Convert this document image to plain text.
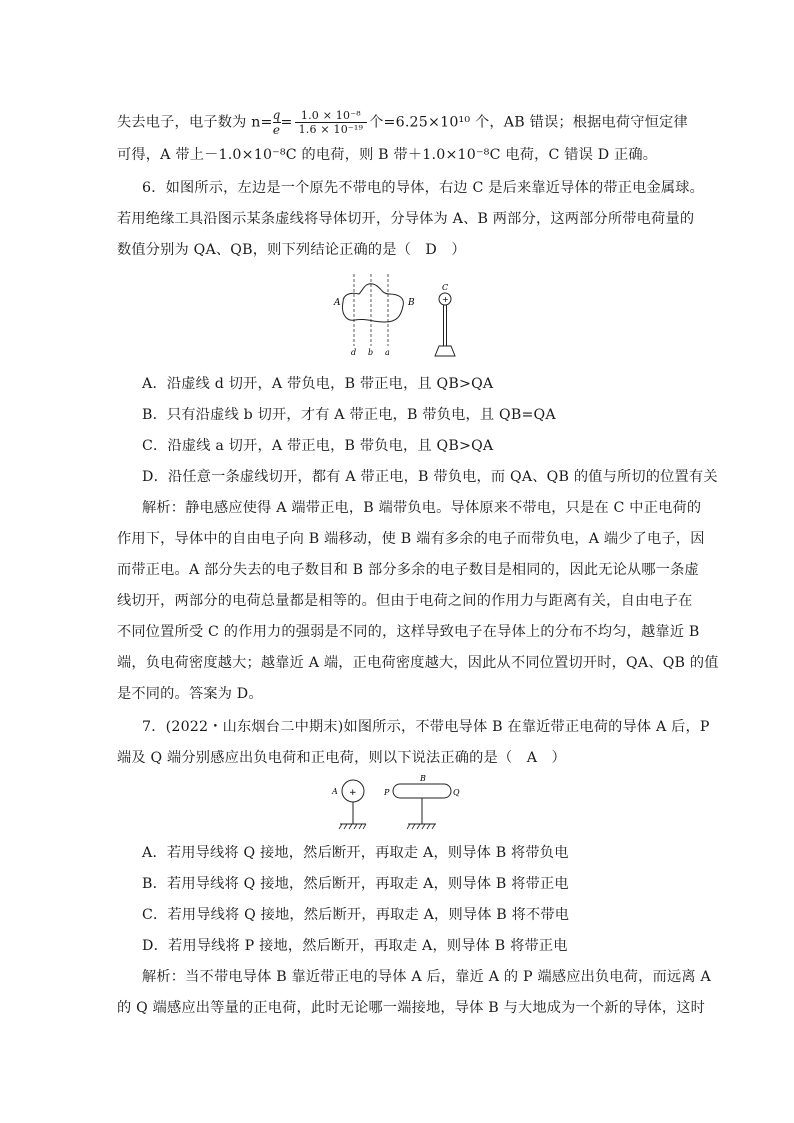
失去电子，电子数为 $n= \frac{q}{e}= \frac{\text{1.0 × 10⁻⁸}}{\text{1.6 × 10⁻¹⁹}}$ 个=6.25×10¹⁰ 个，AB 错误；根据电荷守恒定律
可得，A 带上－1.0×10⁻⁸C 的电荷，则 B 带＋1.0×10⁻⁸C 电荷，C 错误 D 正确。
6．如图所示，左边是一个原先不带电的导体，右边 C 是后来靠近导体的带正电金属球。
若用绝缘工具沿图示某条虚线将导体切开，分导体为 A、B 两部分，这两部分所带电荷量的
数值分别为 QA、QB，则下列结论正确的是（　D　）
A	B
d b a
C
+
A．沿虚线 d 切开，A 带负电，B 带正电，且 QB>QA
B．只有沿虚线 b 切开，才有 A 带正电，B 带负电，且 QB=QA
C．沿虚线 a 切开，A 带正电，B 带负电，且 QB>QA
D．沿任意一条虚线切开，都有 A 带正电，B 带负电，而 QA、QB 的值与所切的位置有关
解析：静电感应使得 A 端带正电，B 端带负电。导体原来不带电，只是在 C 中正电荷的
作用下，导体中的自由电子向 B 端移动，使 B 端有多余的电子而带负电，A 端少了电子，因
而带正电。A 部分失去的电子数目和 B 部分多余的电子数目是相同的，因此无论从哪一条虚
线切开，两部分的电荷总量都是相等的。但由于电荷之间的作用力与距离有关，自由电子在
不同位置所受 C 的作用力的强弱是不同的，这样导致电子在导体上的分布不均匀，越靠近 B
端，负电荷密度越大；越靠近 A 端，正电荷密度越大，因此从不同位置切开时，QA、QB 的值
是不同的。答案为 D。
7．(2022・山东烟台二中期末)如图所示，不带电导体 B 在靠近带正电荷的导体 A 后，P
端及 Q 端分别感应出负电荷和正电荷，则以下说法正确的是（　A　）
A +
B
P	Q
A．若用导线将 Q 接地，然后断开，再取走 A，则导体 B 将带负电
B．若用导线将 Q 接地，然后断开，再取走 A，则导体 B 将带正电
C．若用导线将 Q 接地，然后断开，再取走 A，则导体 B 将不带电
D．若用导线将 P 接地，然后断开，再取走 A，则导体 B 将带正电
解析：当不带电导体 B 靠近带正电的导体 A 后，靠近 A 的 P 端感应出负电荷，而远离 A
的 Q 端感应出等量的正电荷，此时无论哪一端接地，导体 B 与大地成为一个新的导体，这时
